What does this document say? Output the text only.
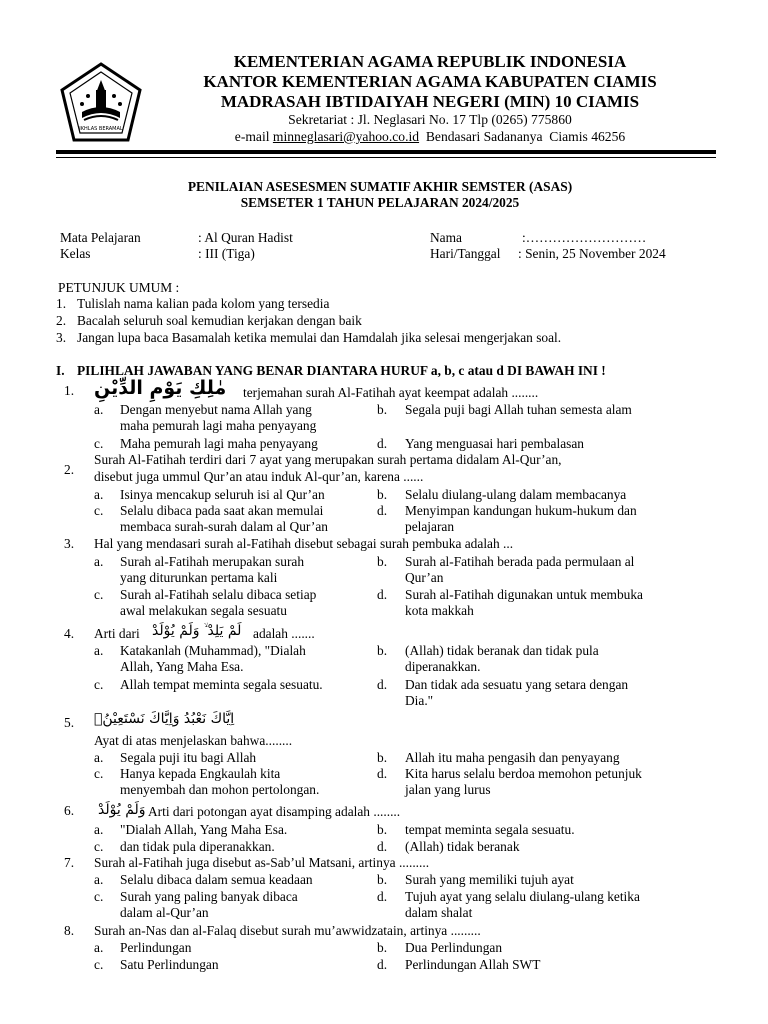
IKHLAS BERAMAL
KEMENTERIAN AGAMA REPUBLIK INDONESIA
KANTOR KEMENTERIAN AGAMA KABUPATEN CIAMIS
MADRASAH IBTIDAIYAH NEGERI (MIN) 10 CIAMIS
Sekretariat : Jl. Neglasari No. 17 Tlp (0265) 775860
e-mail minneglasari@yahoo.co.id  Bendasari Sadananya  Ciamis 46256
PENILAIAN ASESESMEN SUMATIF AKHIR SEMSTER (ASAS)
SEMSETER 1 TAHUN PELAJARAN 2024/2025
Mata Pelajaran	: Al Quran Hadist
Kelas	: III (Tiga)
Nama	:………………………
Hari/Tanggal : Senin, 25 November 2024
PETUNJUK UMUM :
1. Tulislah nama kalian pada kolom yang tersedia
2. Bacalah seluruh soal kemudian kerjakan dengan baik
3. Jangan lupa baca Basamalah ketika memulai dan Hamdalah jika selesai mengerjakan soal.
I. PILIHLAH JAWABAN YANG BENAR DIANTARA HURUF a, b, c atau d DI BAWAH INI !
1. مٰلِكِ يَوْمِ الدِّيْنِ terjemahan surah Al-Fatihah ayat keempat adalah ........
a. Dengan menyebut nama Allah yang
maha pemurah lagi maha penyayang
b. Segala puji bagi Allah tuhan semesta alam
c. Maha pemurah lagi maha penyayang	d. Yang menguasai hari pembalasan
Surah Al-Fatihah terdiri dari 7 ayat yang merupakan surah pertama didalam Al-Qur’an,
2. disebut juga ummul Qur’an atau induk Al-qur’an, karena ......
a. Isinya mencakup seluruh isi al Qur’an	b. Selalu diulang-ulang dalam membacanya
c. Selalu dibaca pada saat akan memulai
membaca surah-surah dalam al Qur’an
d. Menyimpan kandungan hukum-hukum dan
pelajaran
3. Hal yang mendasari surah al-Fatihah disebut sebagai surah pembuka adalah ...
a. Surah al-Fatihah merupakan surah
yang diturunkan pertama kali
b. Surah al-Fatihah berada pada permulaan al
Qur’an
c. Surah al-Fatihah selalu dibaca setiap
awal melakukan segala sesuatu
d. Surah al-Fatihah digunakan untuk membuka
kota makkah
4. Arti dari لَمْ يَلِدْ ۙ وَلَمْ يُوْلَدْ adalah .......
a. Katakanlah (Muhammad), "Dialah
Allah, Yang Maha Esa.
b. (Allah) tidak beranak dan tidak pula
diperanakkan.
c. Allah tempat meminta segala sesuatu.	d. Dan tidak ada sesuatu yang setara dengan
Dia."
5. اِيَّاكَ نَعْبُدُ وَاِيَّاكَ نَسْتَعِيْنُۗ
Ayat di atas menjelaskan bahwa........
a. Segala puji itu bagi Allah	b. Allah itu maha pengasih dan penyayang
c. Hanya kepada Engkaulah kita
menyembah dan mohon pertolongan.
d. Kita harus selalu berdoa memohon petunjuk
jalan yang lurus
6. وَلَمْ يُوْلَدْ Arti dari potongan ayat disamping adalah ........
a. "Dialah Allah, Yang Maha Esa.	b. tempat meminta segala sesuatu.
c. dan tidak pula diperanakkan.	d. (Allah) tidak beranak
7. Surah al-Fatihah juga disebut as-Sab’ul Matsani, artinya .........
a. Selalu dibaca dalam semua keadaan	b. Surah yang memiliki tujuh ayat
c. Surah yang paling banyak dibaca
dalam al-Qur’an
d. Tujuh ayat yang selalu diulang-ulang ketika
dalam shalat
8. Surah an-Nas dan al-Falaq disebut surah mu’awwidzatain, artinya .........
a. Perlindungan	b. Dua Perlindungan
c. Satu Perlindungan	d. Perlindungan Allah SWT
